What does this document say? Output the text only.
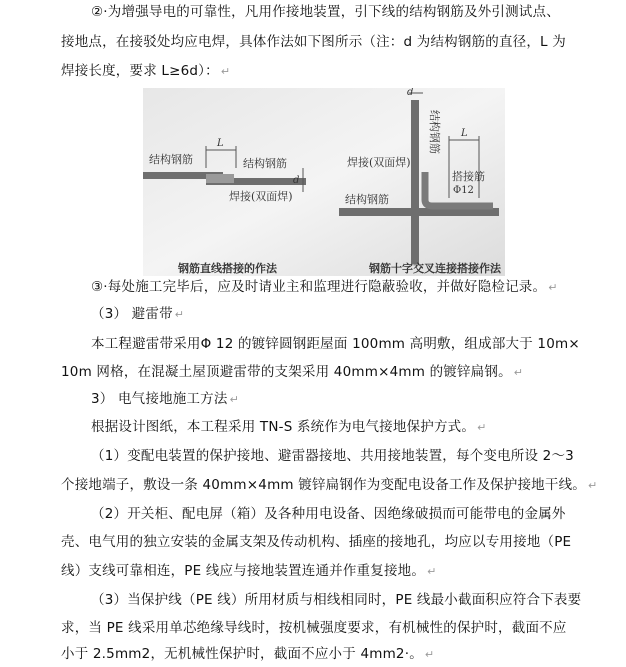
②·为增强导电的可靠性，凡用作接地装置，引下线的结构钢筋及外引测试点、
接地点，在接驳处均应电焊，具体作法如下图所示（注：d 为结构钢筋的直径，L 为
焊接长度，要求 L≥6d）： ↵
结构钢筋
L
结构钢筋
d
焊接(双面焊)
钢筋直线搭接的作法
d
结构钢筋 L
焊接(双面焊)
搭接筋
Φ12
结构钢筋
钢筋十字交叉连接搭接作法
③·每处施工完毕后，应及时请业主和监理进行隐蔽验收，并做好隐检记录。 ↵
（3） 避雷带 ↵
本工程避雷带采用Φ 12 的镀锌圆钢距屋面 100mm 高明敷，组成部大于 10m×
10m 网格，在混凝土屋顶避雷带的支架采用 40mm×4mm 的镀锌扁钢。 ↵
3） 电气接地施工方法 ↵
根据设计图纸，本工程采用 TN-S 系统作为电气接地保护方式。 ↵
（1）变配电装置的保护接地、避雷器接地、共用接地装置，每个变电所设 2～3
个接地端子，敷设一条 40mm×4mm 镀锌扁钢作为变配电设备工作及保护接地干线。 ↵
（2）开关柜、配电屏（箱）及各种用电设备、因绝缘破损而可能带电的金属外
壳、电气用的独立安装的金属支架及传动机构、插座的接地孔，均应以专用接地（PE
线）支线可靠相连，PE 线应与接地装置连通并作重复接地。 ↵
（3）当保护线（PE 线）所用材质与相线相同时，PE 线最小截面积应符合下表要
求，当 PE 线采用单芯绝缘导线时，按机械强度要求，有机械性的保护时，截面不应
小于 2.5mm2，无机械性保护时，截面不应小于 4mm2·。 ↵
